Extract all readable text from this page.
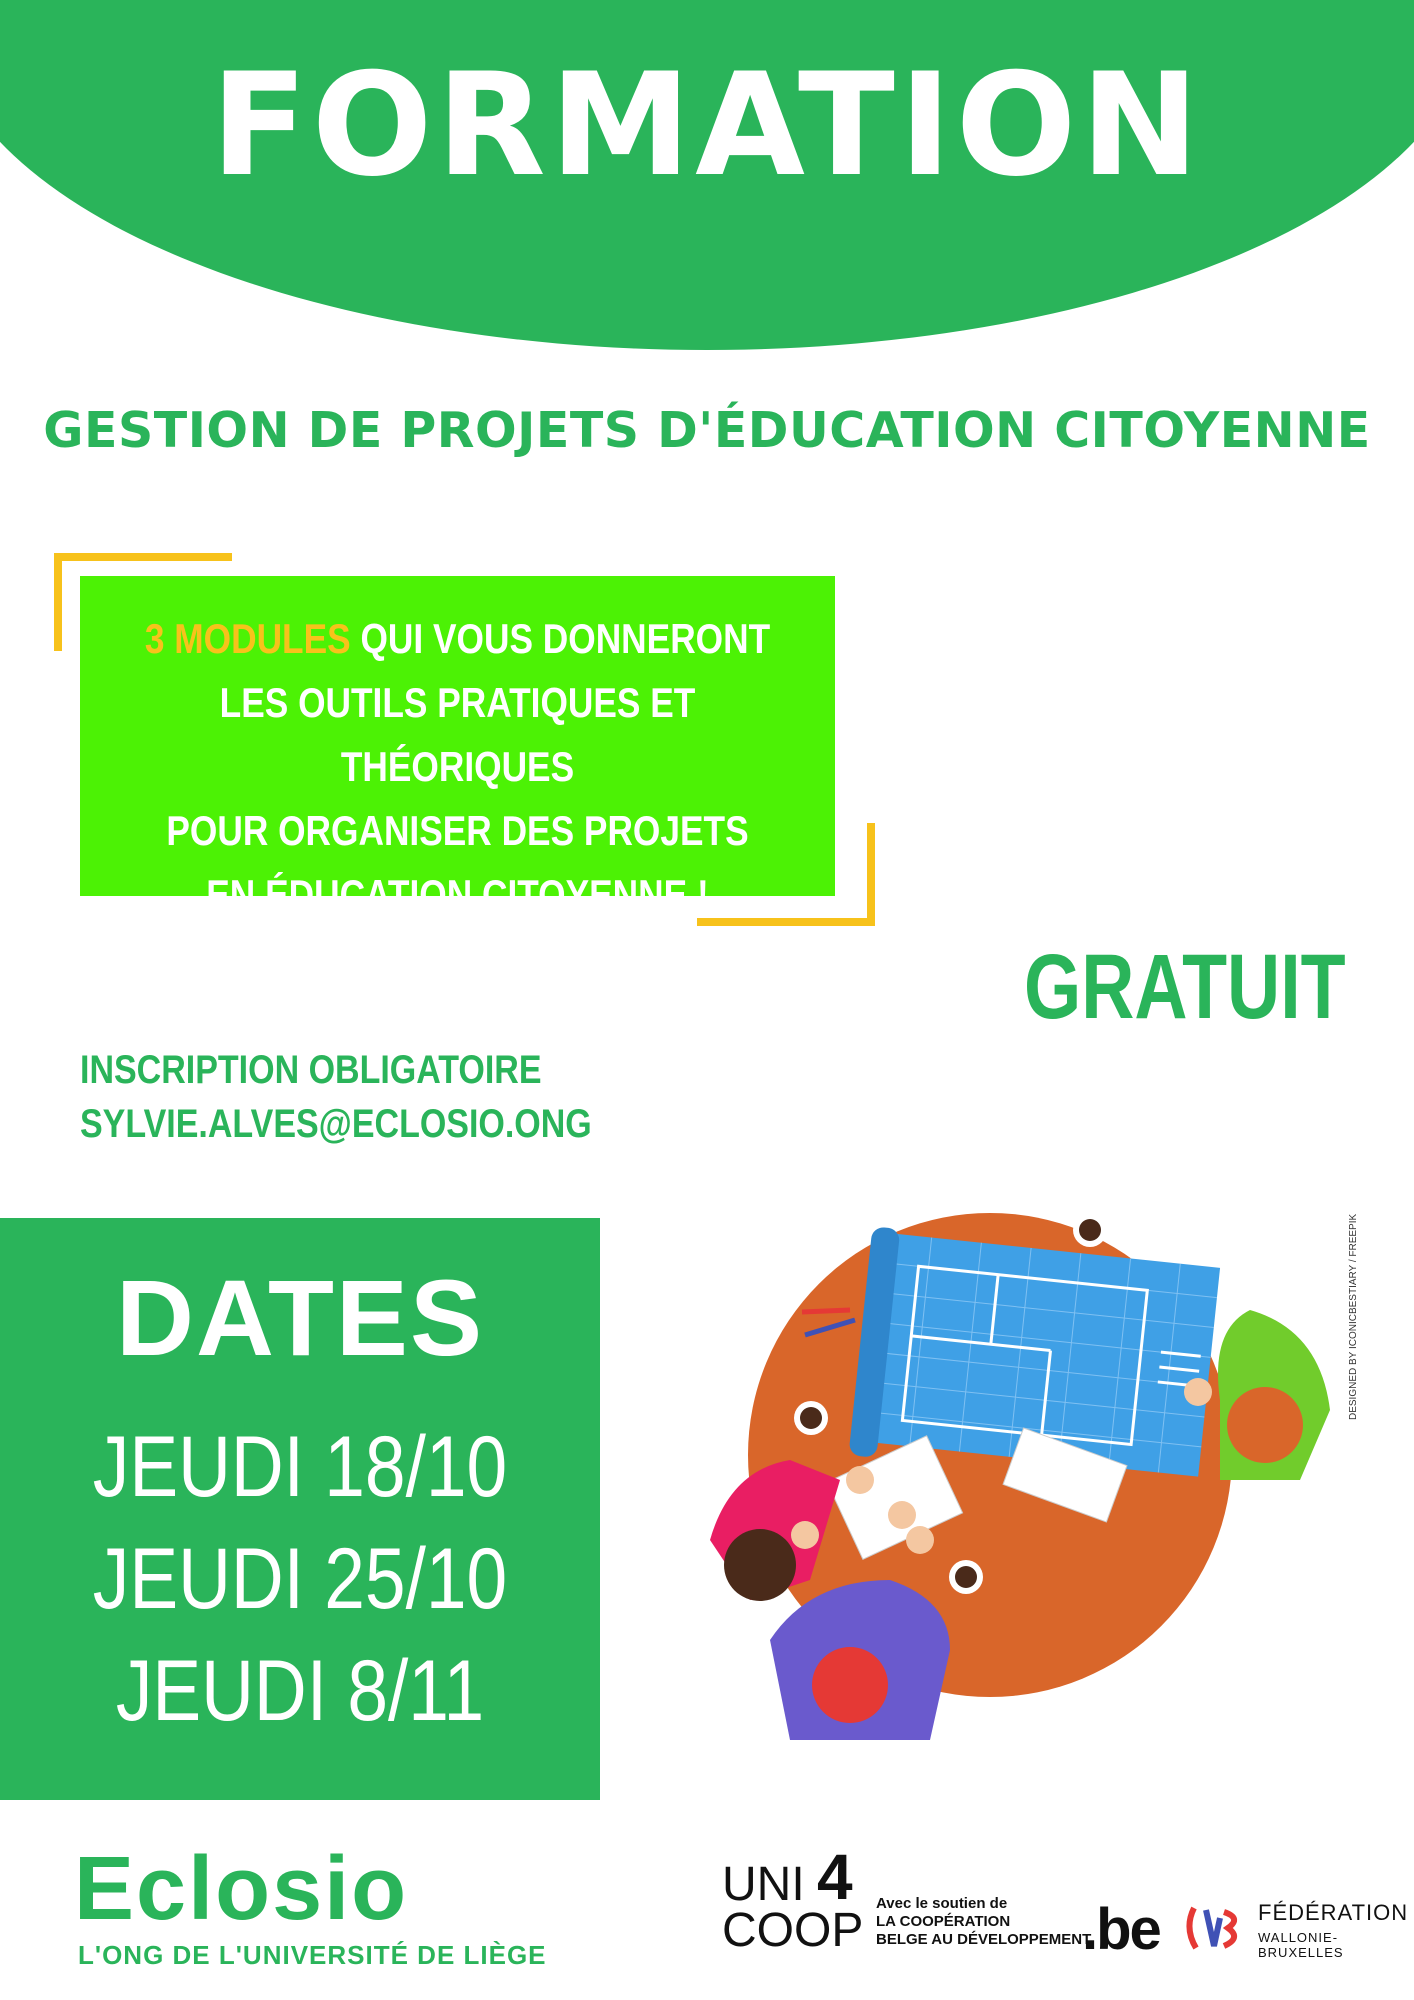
FORMATION
GESTION DE PROJETS D'ÉDUCATION CITOYENNE
3 MODULES QUI VOUS DONNERONT
LES OUTILS PRATIQUES ET THÉORIQUES
POUR ORGANISER DES PROJETS
EN ÉDUCATION CITOYENNE !
GRATUIT
INSCRIPTION OBLIGATOIRE
SYLVIE.ALVES@ECLOSIO.ONG
DATES
JEUDI 18/10
JEUDI 25/10
JEUDI 8/11
DESIGNED BY ICONICBESTIARY / FREEPIK
Eclosio
L'ONG DE L'UNIVERSITÉ DE LIÈGE
UNI
COOP
4 Avec le soutien de
LA COOPÉRATION
BELGE AU DÉVELOPPEMENT
.be	FÉDÉRATION
WALLONIE-BRUXELLES
